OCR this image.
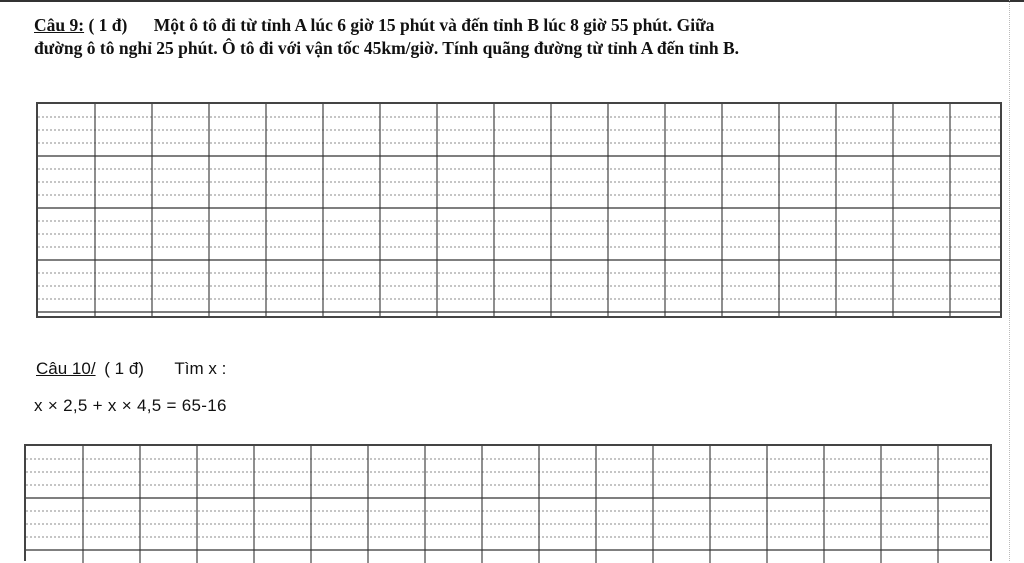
Câu 9: ( 1 đ) Một ô tô đi từ tỉnh A lúc 6 giờ 15 phút và đến tỉnh B lúc 8 giờ 55 phút. Giữa
đường ô tô nghỉ 25 phút. Ô tô đi với vận tốc 45km/giờ. Tính quãng đường từ tỉnh A đến tỉnh B.
Câu 10/ ( 1 đ) Tìm x :
x × 2,5 + x × 4,5 = 65-16
